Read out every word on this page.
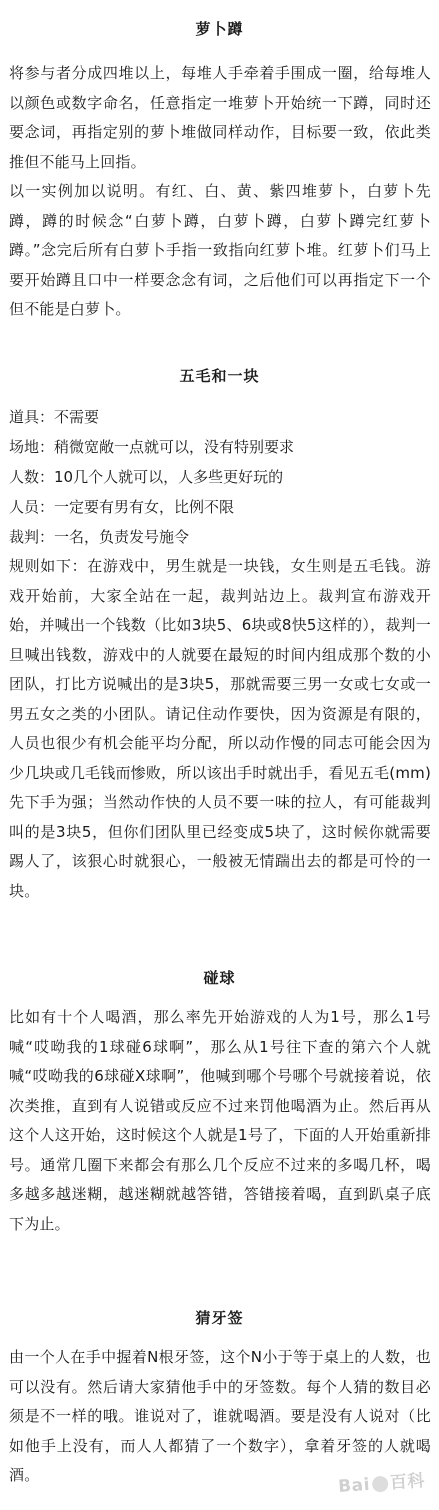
萝卜蹲

将参与者分成四堆以上，每堆人手牵着手围成一圈，给每堆人以颜色或数字命名，任意指定一堆萝卜开始统一下蹲，同时还要念词，再指定别的萝卜堆做同样动作，目标要一致，依此类推但不能马上回指。

以一实例加以说明。有红、白、黄、紫四堆萝卜，白萝卜先蹲，蹲的时候念“白萝卜蹲，白萝卜蹲，白萝卜蹲完红萝卜蹲。”念完后所有白萝卜手指一致指向红萝卜堆。红萝卜们马上要开始蹲且口中一样要念念有词，之后他们可以再指定下一个但不能是白萝卜。

五毛和一块

道具：不需要

场地：稍微宽敞一点就可以，没有特别要求

人数：10几个人就可以，人多些更好玩的

人员：一定要有男有女，比例不限

裁判：一名，负责发号施令

规则如下：在游戏中，男生就是一块钱，女生则是五毛钱。游戏开始前，大家全站在一起，裁判站边上。裁判宣布游戏开始，并喊出一个钱数（比如3块5、6块或8快5这样的），裁判一旦喊出钱数，游戏中的人就要在最短的时间内组成那个数的小团队，打比方说喊出的是3块5，那就需要三男一女或七女或一男五女之类的小团队。请记住动作要快，因为资源是有限的，人员也很少有机会能平均分配，所以动作慢的同志可能会因为少几块或几毛钱而惨败，所以该出手时就出手，看见五毛(mm)先下手为强；当然动作快的人员不要一味的拉人，有可能裁判叫的是3块5，但你们团队里已经变成5块了，这时候你就需要踢人了，该狠心时就狠心，一般被无情踹出去的都是可怜的一块。

碰球

比如有十个人喝酒，那么率先开始游戏的人为1号，那么1号喊“哎呦我的1球碰6球啊”，那么从1号往下查的第六个人就喊“哎呦我的6球碰X球啊”，他喊到哪个号哪个号就接着说，依次类推，直到有人说错或反应不过来罚他喝酒为止。然后再从这个人这开始，这时候这个人就是1号了，下面的人开始重新排号。通常几圈下来都会有那么几个反应不过来的多喝几杯，喝多越多越迷糊，越迷糊就越答错，答错接着喝，直到趴桌子底下为止。

猜牙签

由一个人在手中握着N根牙签，这个N小于等于桌上的人数，也可以没有。然后请大家猜他手中的牙签数。每个人猜的数目必须是不一样的哦。谁说对了，谁就喝酒。要是没有人说对（比如他手上没有，而人人都猜了一个数字），拿着牙签的人就喝酒。	Bai 百科
